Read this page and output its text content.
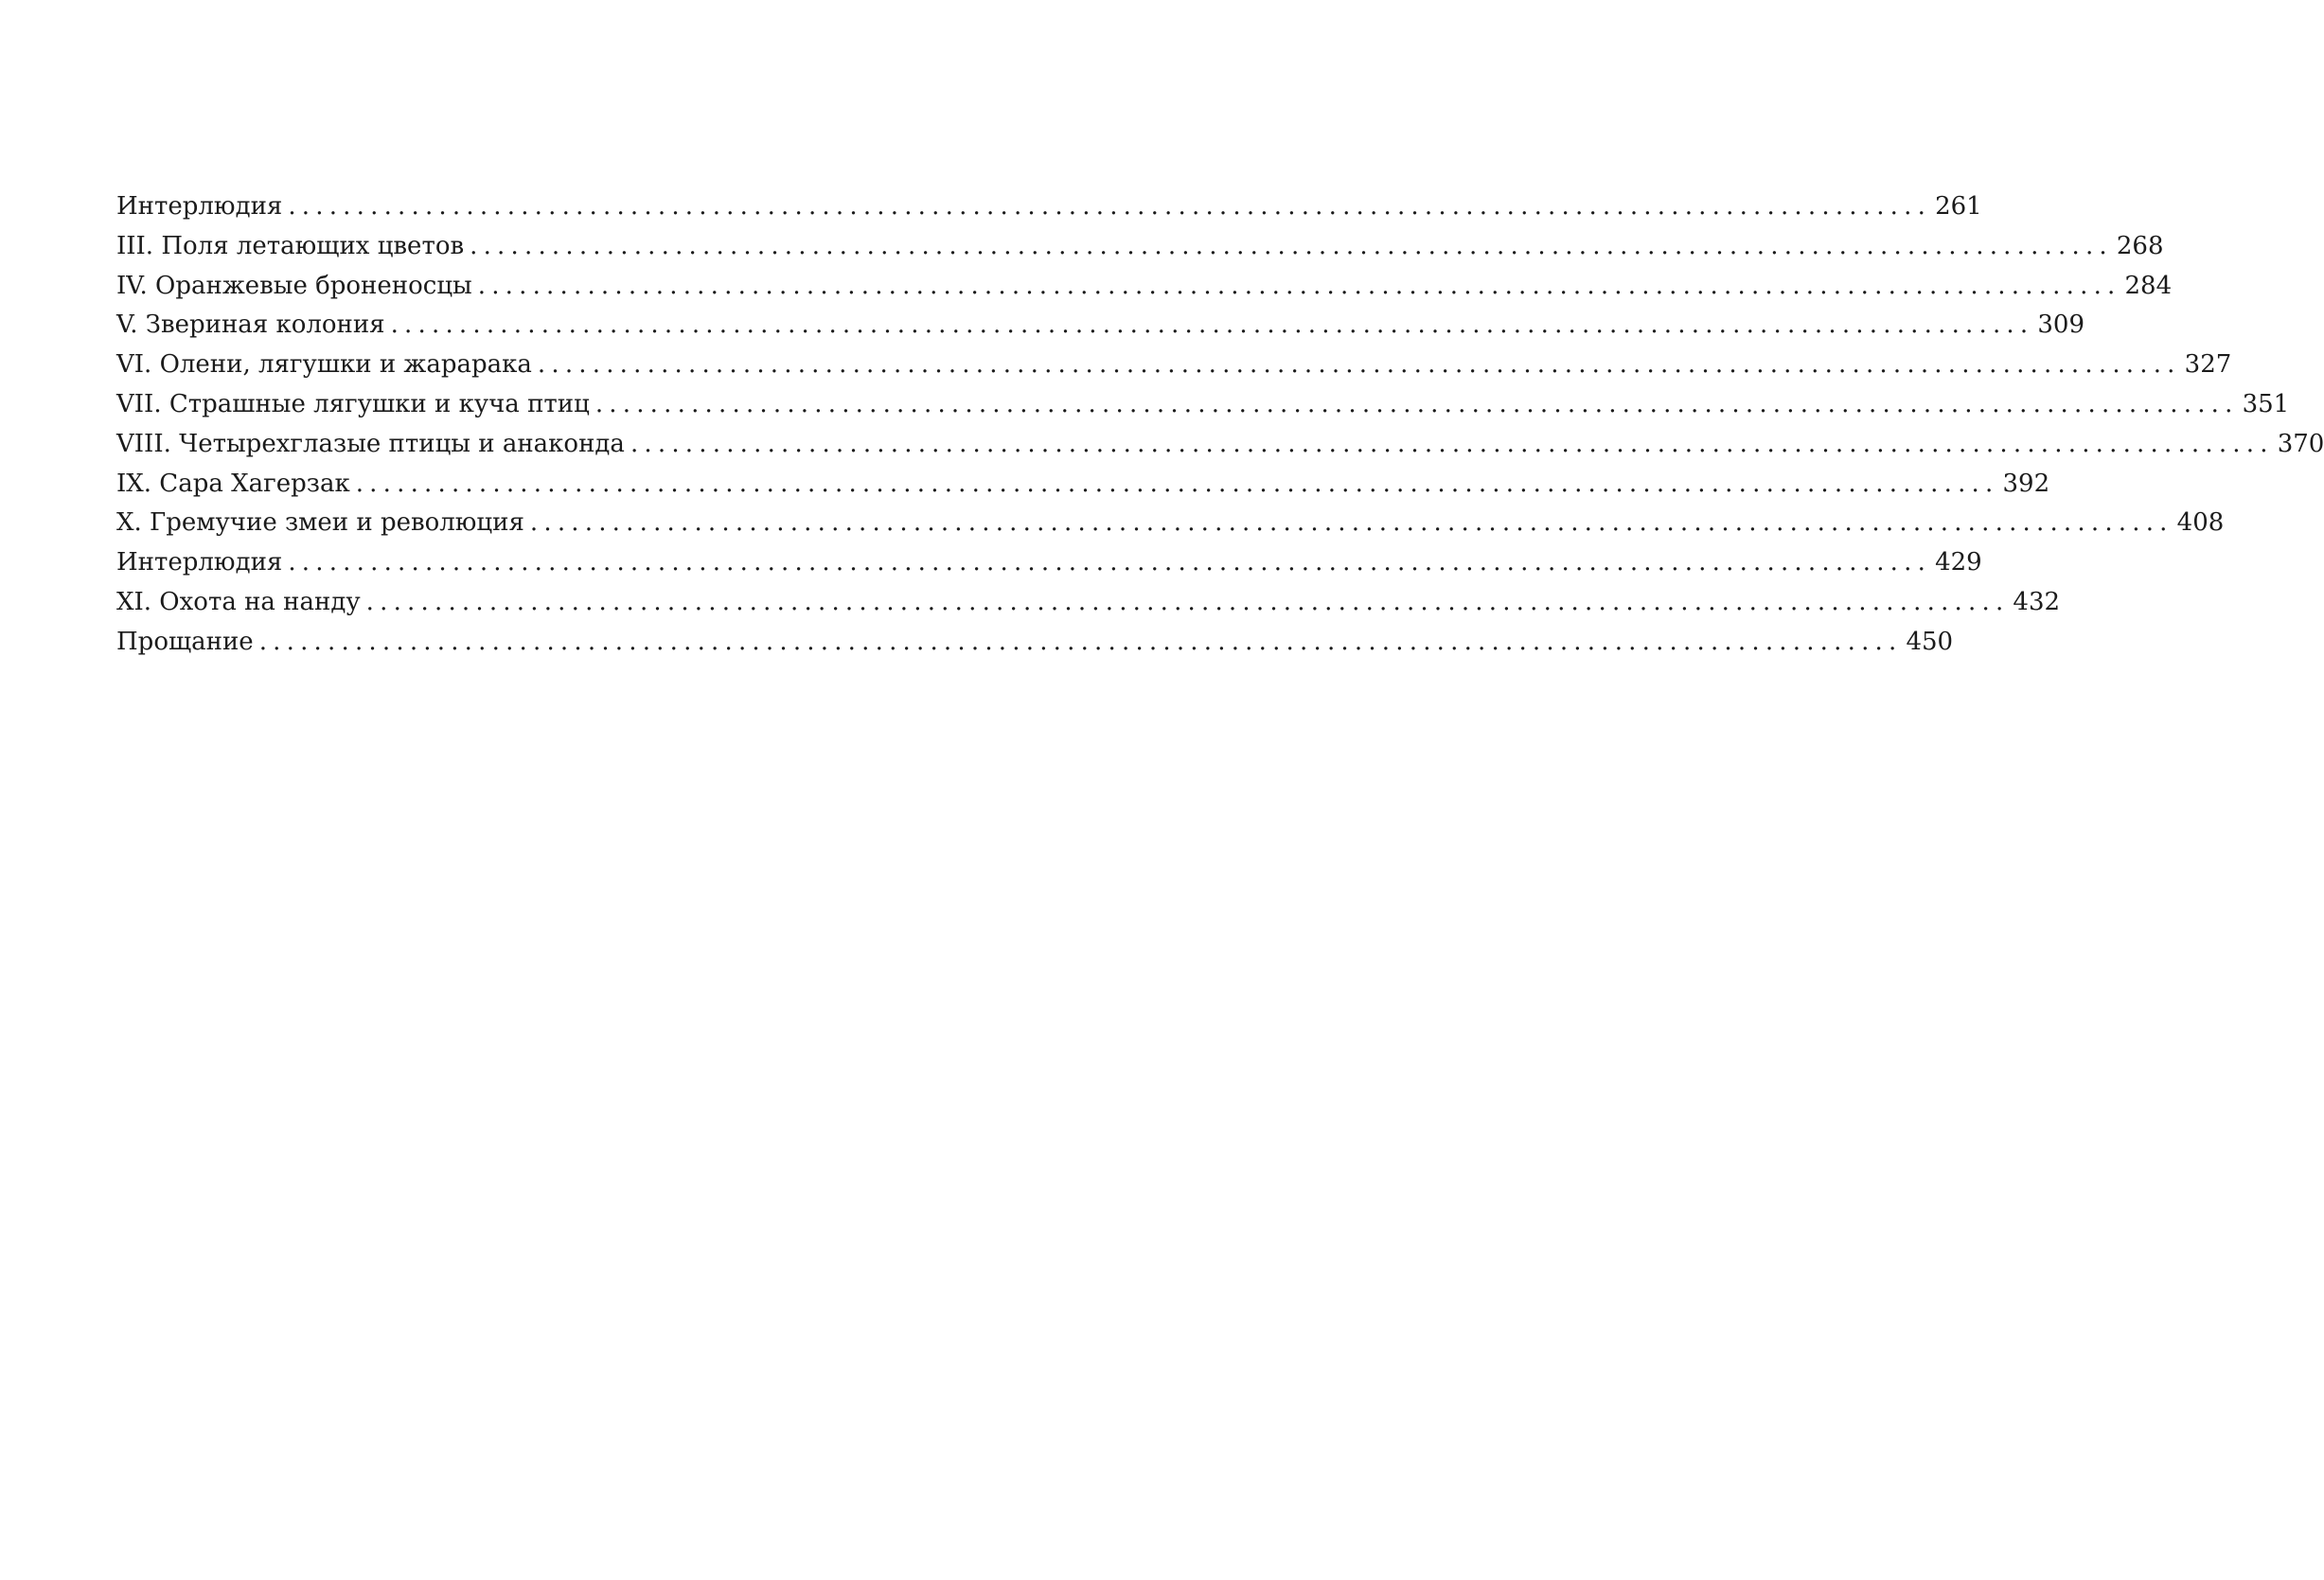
Интерлюдия ........................................................................................................................ 261
III. Поля летающих цветов ........................................................................................................................ 268
IV. Оранжевые броненосцы ........................................................................................................................ 284
V. Звериная колония ........................................................................................................................ 309
VI. Олени, лягушки и жарарака ........................................................................................................................ 327
VII. Страшные лягушки и куча птиц ........................................................................................................................ 351
VIII. Четырехглазые птицы и анаконда ........................................................................................................................ 370
IX. Сара Хагерзак ........................................................................................................................ 392
X. Гремучие змеи и революция ........................................................................................................................ 408
Интерлюдия ........................................................................................................................ 429
XI. Охота на нанду ........................................................................................................................ 432
Прощание ........................................................................................................................ 450
